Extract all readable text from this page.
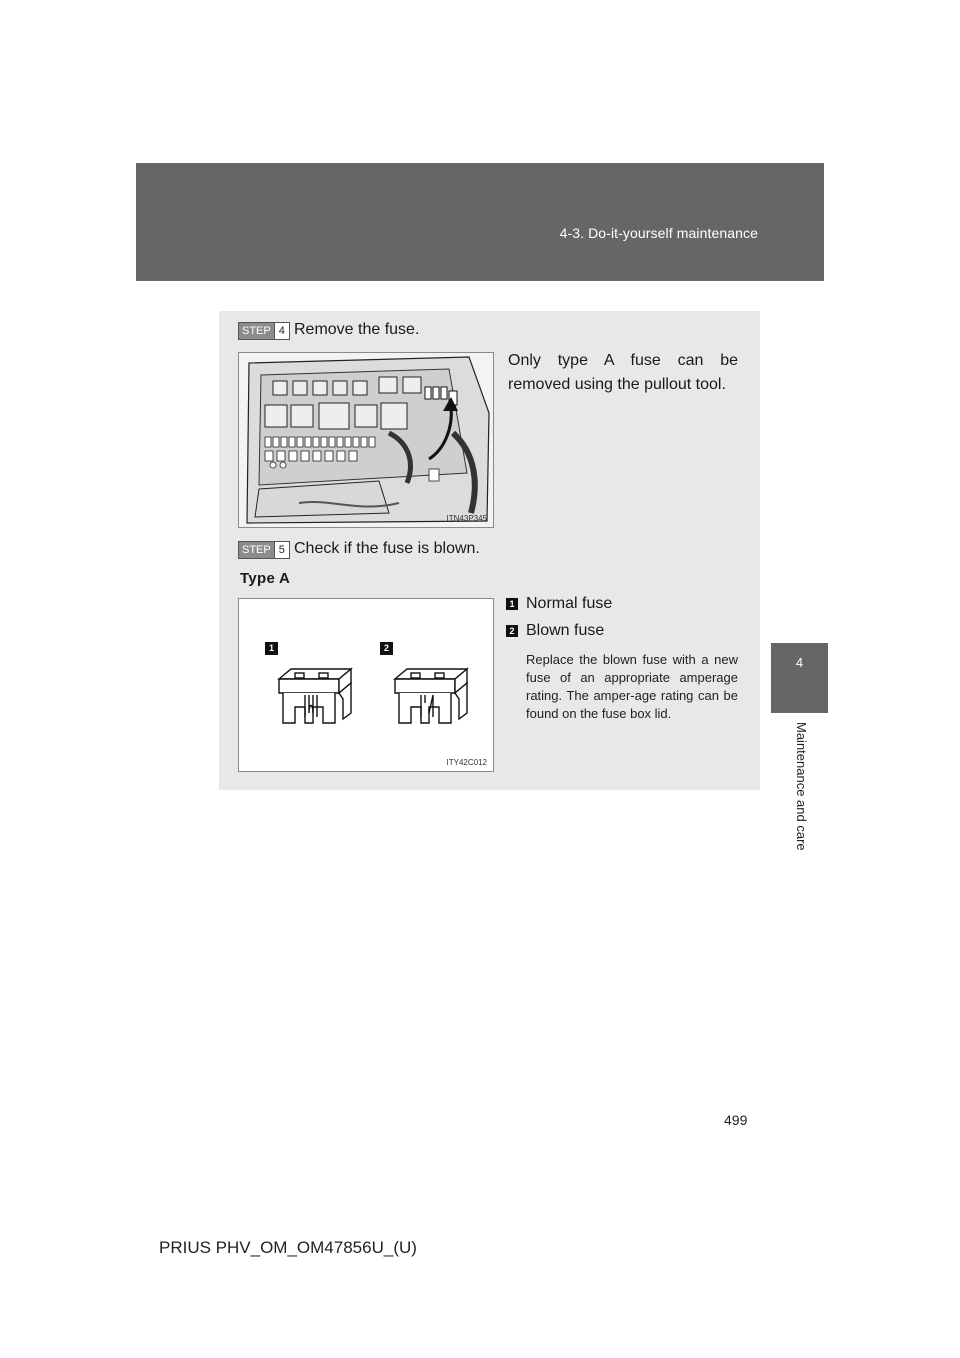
4-3. Do-it-yourself maintenance
4
Maintenance and care
STEP 4 Remove the fuse.
Only type A fuse can be removed using the pullout tool.
ITN43P345
STEP 5 Check if the fuse is blown.
Type A
1	2
ITY42C012
1 Normal fuse
2 Blown fuse
Replace the blown fuse with a new fuse of an appropriate amperage rating. The amper-age rating can be found on the fuse box lid.
499
PRIUS PHV_OM_OM47856U_(U)
